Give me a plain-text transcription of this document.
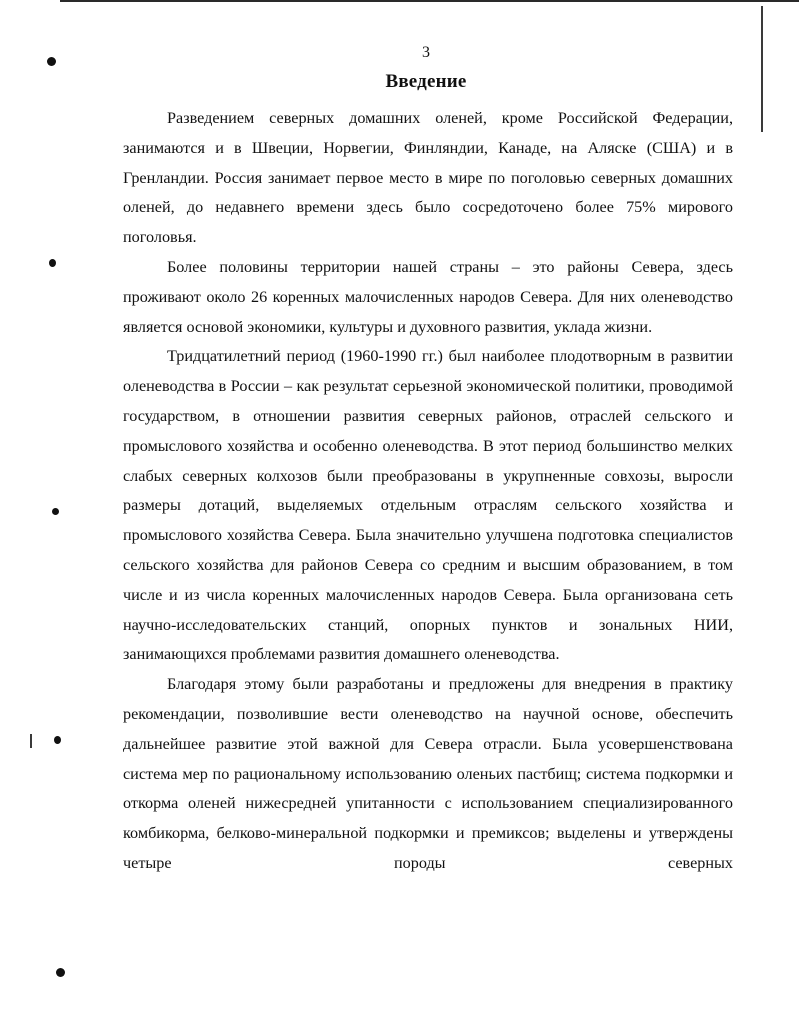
3
Введение

Разведением северных домашних оленей, кроме Российской Федерации, занимаются и в Швеции, Норвегии, Финляндии, Канаде, на Аляске (США) и в Гренландии. Россия занимает первое место в мире по поголовью северных домашних оленей, до недавнего времени здесь было сосредоточено более 75% мирового поголовья.

Более половины территории нашей страны – это районы Севера, здесь проживают около 26 коренных малочисленных народов Севера. Для них оленеводство является основой экономики, культуры и духовного развития, уклада жизни.

Тридцатилетний период (1960-1990 гг.) был наиболее плодотворным в развитии оленеводства в России – как результат серьезной экономической политики, проводимой государством, в отношении развития северных районов, отраслей сельского и промыслового хозяйства и особенно оленеводства. В этот период большинство мелких слабых северных колхозов были преобразованы в укрупненные совхозы, выросли размеры дотаций, выделяемых отдельным отраслям сельского хозяйства и промыслового хозяйства Севера. Была значительно улучшена подготовка специалистов сельского хозяйства для районов Севера со средним и высшим образованием, в том числе и из числа коренных малочисленных народов Севера. Была организована сеть научно-исследовательских станций, опорных пунктов и зональных НИИ, занимающихся проблемами развития домашнего оленеводства.

Благодаря этому были разработаны и предложены для внедрения в практику рекомендации, позволившие вести оленеводство на научной основе, обеспечить дальнейшее развитие этой важной для Севера отрасли. Была усовершенствована система мер по рациональному использованию оленьих пастбищ; система подкормки и откорма оленей нижесредней упитанности с использованием специализированного комбикорма, белково-минеральной подкормки и премиксов; выделены и утверждены четыре породы северных
